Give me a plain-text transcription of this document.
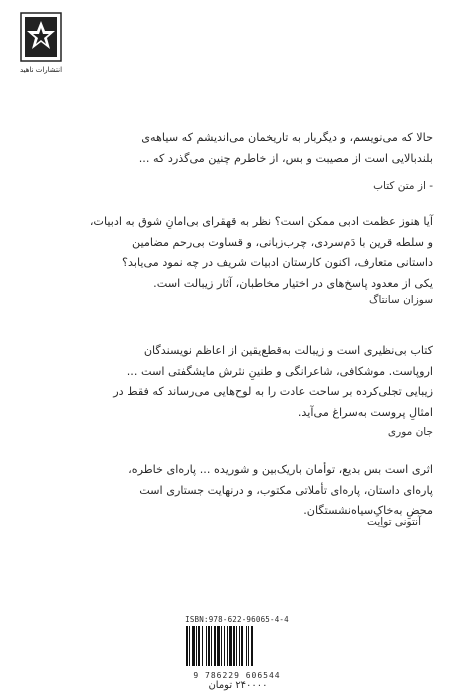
انتشارات ناهید
حالا که می‌نویسم، و دیگربار به تاریخمان می‌اندیشم که سیاهه‌ی
بلندبالایی است از مصیبت و بس، از خاطرم چنین می‌گذرد که ...
- از متن کتاب
آیا هنوز عظمت ادبی ممکن است؟ نظر به قهقرای بی‌امانِ شوق به ادبیات،
و سلطه‌ قرین با دَم‌سردی، چرب‌زبانی، و قساوت بی‌رحم مضامین
داستانی متعارف، اکنون کارستان ادبیات شریف در چه نمود می‌یابد؟
یکی از معدود پاسخ‌های در اختیار مخاطبان، آثار زیبالت است.
سوزان سانتاگ
کتاب بی‌نظیری است و زیبالت به‌قطع‌یقین از اعاظم نویسندگان
اروپاست. موشکافی، شاعرانگی و طنینِ نثرش مایشگفتی است ...
زیبایی تجلی‌کرده بر ساحت عادت را به لوح‌هایی می‌رساند که فقط در
امثالِ پروست به‌سراغ می‌آید.
جان موری
اثری است بس بدیع، توأمان باریک‌بین و شوریده ... پاره‌ای خاطره،
پاره‌ای داستان، پاره‌ای تأملاتی مکتوب، و درنهایت جستاری است
محضِ به‌خاکِ‌سیاه‌نشستگان.
آنتونی تواِیت
ISBN:978-622-96065-4-4
9 786229 606544
۲۴۰۰۰۰ تومان
